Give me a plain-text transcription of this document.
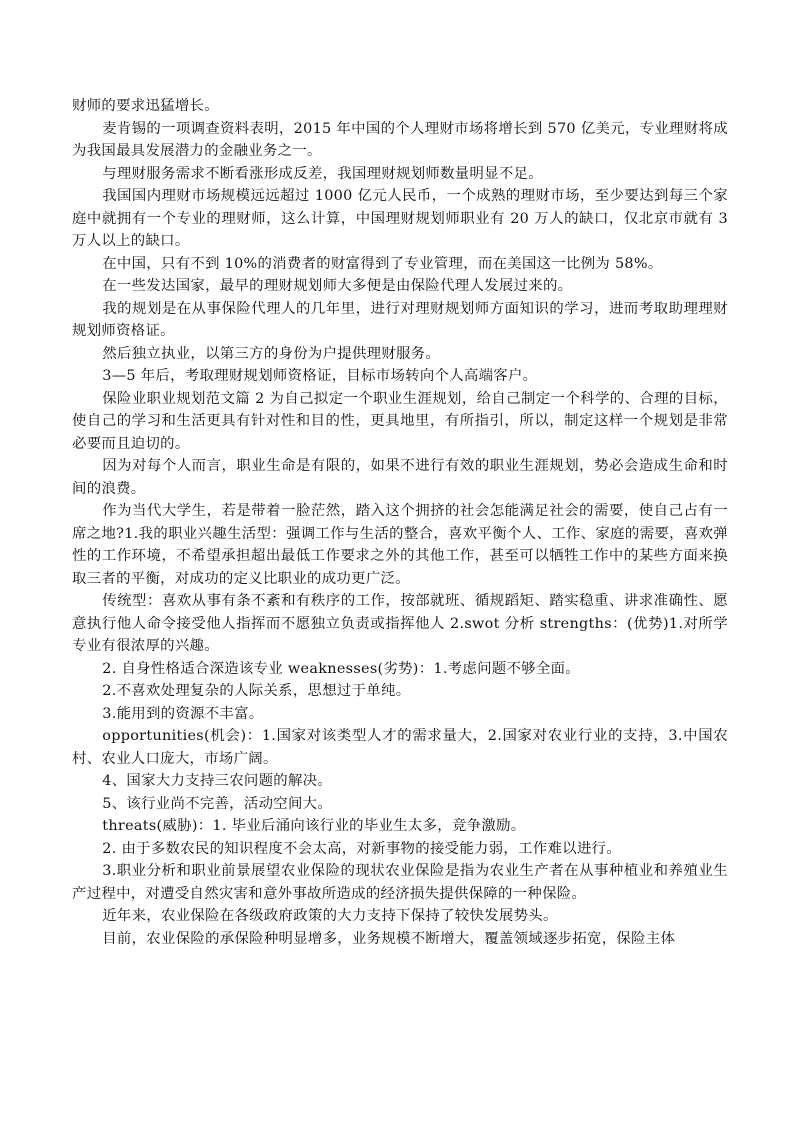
财师的要求迅猛增长。

麦肯锡的一项调查资料表明，2015 年中国的个人理财市场将增长到 570 亿美元，专业理财将成为我国最具发展潜力的金融业务之一。

与理财服务需求不断看涨形成反差，我国理财规划师数量明显不足。

我国国内理财市场规模远远超过 1000 亿元人民币，一个成熟的理财市场，至少要达到每三个家庭中就拥有一个专业的理财师，这么计算，中国理财规划师职业有 20 万人的缺口，仅北京市就有 3 万人以上的缺口。

在中国，只有不到 10%的消费者的财富得到了专业管理，而在美国这一比例为 58%。

在一些发达国家，最早的理财规划师大多便是由保险代理人发展过来的。

我的规划是在从事保险代理人的几年里，进行对理财规划师方面知识的学习，进而考取助理理财规划师资格证。

然后独立执业，以第三方的身份为户提供理财服务。

3—5 年后，考取理财规划师资格证，目标市场转向个人高端客户。

保险业职业规划范文篇 2 为自己拟定一个职业生涯规划，给自己制定一个科学的、合理的目标，使自己的学习和生活更具有针对性和目的性，更具地里，有所指引，所以，制定这样一个规划是非常必要而且迫切的。

因为对每个人而言，职业生命是有限的，如果不进行有效的职业生涯规划，势必会造成生命和时间的浪费。

作为当代大学生，若是带着一脸茫然，踏入这个拥挤的社会怎能满足社会的需要，使自己占有一席之地?1.我的职业兴趣生活型：强调工作与生活的整合，喜欢平衡个人、工作、家庭的需要，喜欢弹性的工作环境，不希望承担超出最低工作要求之外的其他工作，甚至可以牺牲工作中的某些方面来换取三者的平衡，对成功的定义比职业的成功更广泛。

传统型：喜欢从事有条不紊和有秩序的工作，按部就班、循规蹈矩、踏实稳重、讲求准确性、愿意执行他人命令接受他人指挥而不愿独立负责或指挥他人 2.swot 分析 strengths：(优势)1.对所学专业有很浓厚的兴趣。

2. 自身性格适合深造该专业 weaknesses(劣势)：1.考虑问题不够全面。

2.不喜欢处理复杂的人际关系，思想过于单纯。

3.能用到的资源不丰富。

opportunities(机会)：1.国家对该类型人才的需求量大，2.国家对农业行业的支持，3.中国农村、农业人口庞大，市场广阔。

4、国家大力支持三农问题的解决。

5、该行业尚不完善，活动空间大。

threats(威胁)：1. 毕业后涌向该行业的毕业生太多，竞争激励。

2. 由于多数农民的知识程度不会太高，对新事物的接受能力弱，工作难以进行。

3.职业分析和职业前景展望农业保险的现状农业保险是指为农业生产者在从事种植业和养殖业生产过程中，对遭受自然灾害和意外事故所造成的经济损失提供保障的一种保险。

近年来，农业保险在各级政府政策的大力支持下保持了较快发展势头。

目前，农业保险的承保险种明显增多，业务规模不断增大，覆盖领域逐步拓宽，保险主体
